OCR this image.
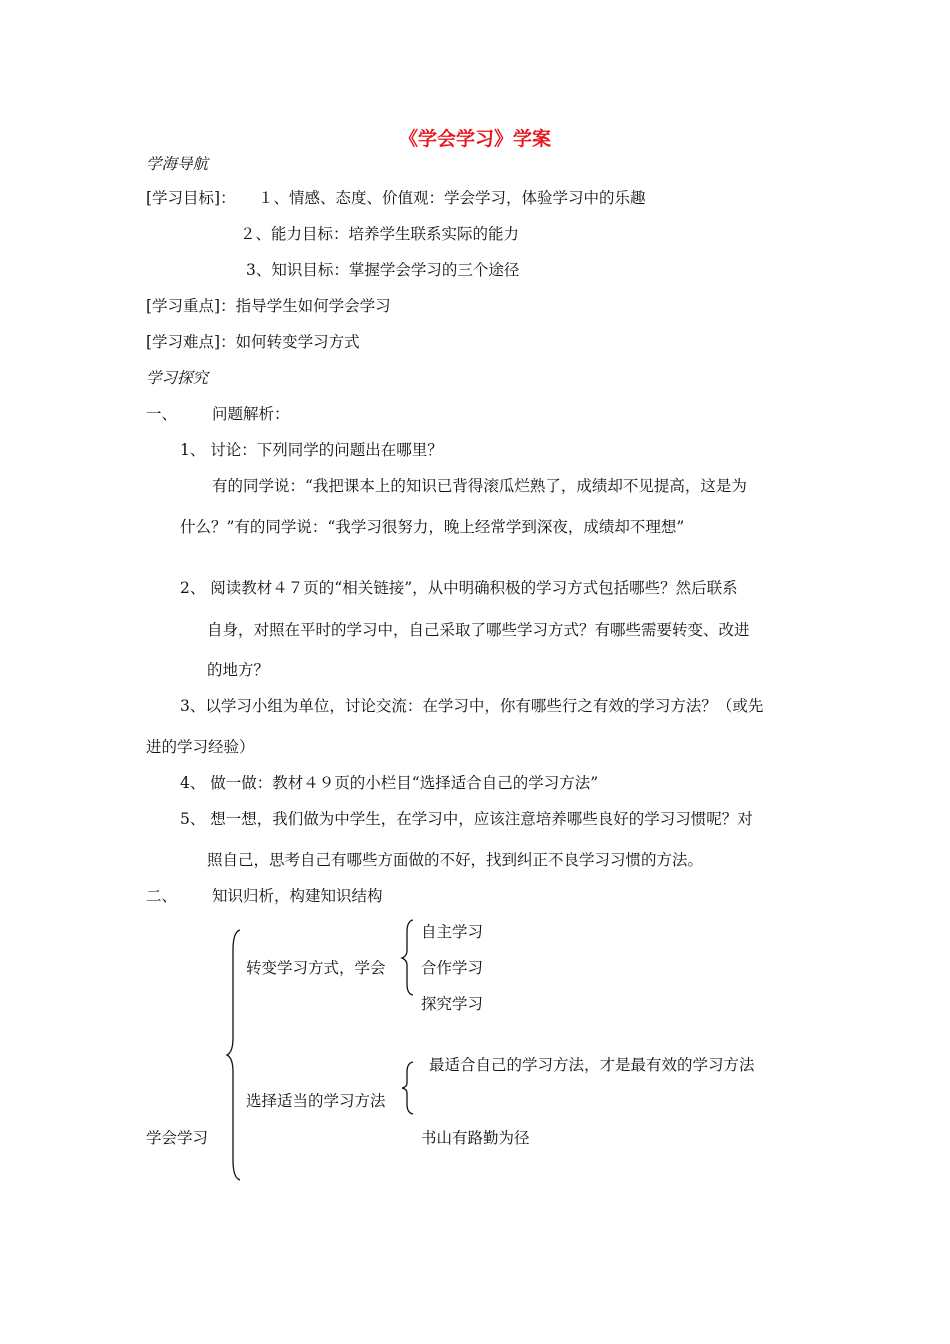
《学会学习》学案
学海导航
[学习目标]： １、情感、态度、价值观：学会学习，体验学习中的乐趣
２、能力目标：培养学生联系实际的能力
3、知识目标：掌握学会学习的三个途径
[学习重点]：指导学生如何学会学习
[学习难点]：如何转变学习方式
学习探究
一、 问题解析：
1、 讨论：下列同学的问题出在哪里？
有的同学说：“我把课本上的知识已背得滚瓜烂熟了，成绩却不见提高，这是为
什么？”有的同学说：“我学习很努力，晚上经常学到深夜，成绩却不理想”
2、 阅读教材４７页的“相关链接”，从中明确积极的学习方式包括哪些？然后联系
自身，对照在平时的学习中，自己采取了哪些学习方式？有哪些需要转变、改进
的地方？
3、以学习小组为单位，讨论交流：在学习中，你有哪些行之有效的学习方法？（或先
进的学习经验）
4、 做一做：教材４９页的小栏目“选择适合自己的学习方法”
5、 想一想，我们做为中学生，在学习中，应该注意培养哪些良好的学习习惯呢？对
照自己，思考自己有哪些方面做的不好，找到纠正不良学习习惯的方法。
二、 知识归析，构建知识结构
学会学习
转变学习方式，学会
自主学习
合作学习
探究学习
选择适当的学习方法
最适合自己的学习方法，才是最有效的学习方法
书山有路勤为径
